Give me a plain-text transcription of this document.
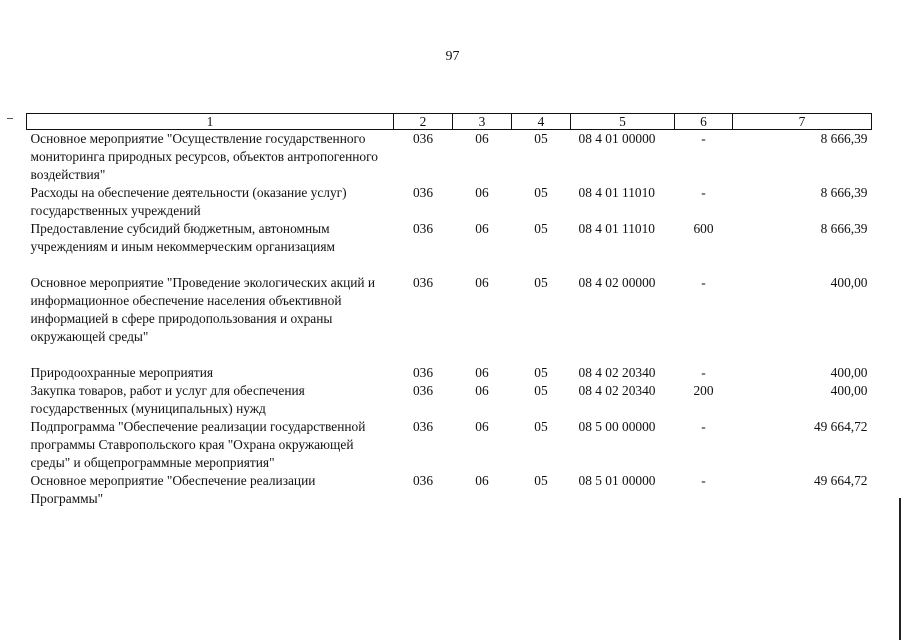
97
1	2	3	4	5	6	7
Основное мероприятие "Осуществление государственного мониторинга природных ресурсов, объектов антропогенного воздействия"	036	06	05	08 4 01 00000	-	8 666,39
Расходы на обеспечение деятельности (оказание услуг) государственных учреждений	036	06	05	08 4 01 11010	-	8 666,39
Предоставление субсидий бюджетным, автономным учреждениям и иным некоммерческим организациям	036	06	05	08 4 01 11010	600	8 666,39
Основное мероприятие "Проведение экологических акций и информационное обеспечение населения объективной информацией в сфере природопользования и охраны окружающей среды"	036	06	05	08 4 02 00000	-	400,00
Природоохранные мероприятия	036	06	05	08 4 02 20340	-	400,00
Закупка товаров, работ и услуг для обеспечения государственных (муниципальных) нужд	036	06	05	08 4 02 20340	200	400,00
Подпрограмма "Обеспечение реализации государственной программы Ставропольского края "Охрана окружающей среды" и общепрограммные мероприятия"	036	06	05	08 5 00 00000	-	49 664,72
Основное мероприятие "Обеспечение реализации Программы"	036	06	05	08 5 01 00000	-	49 664,72
